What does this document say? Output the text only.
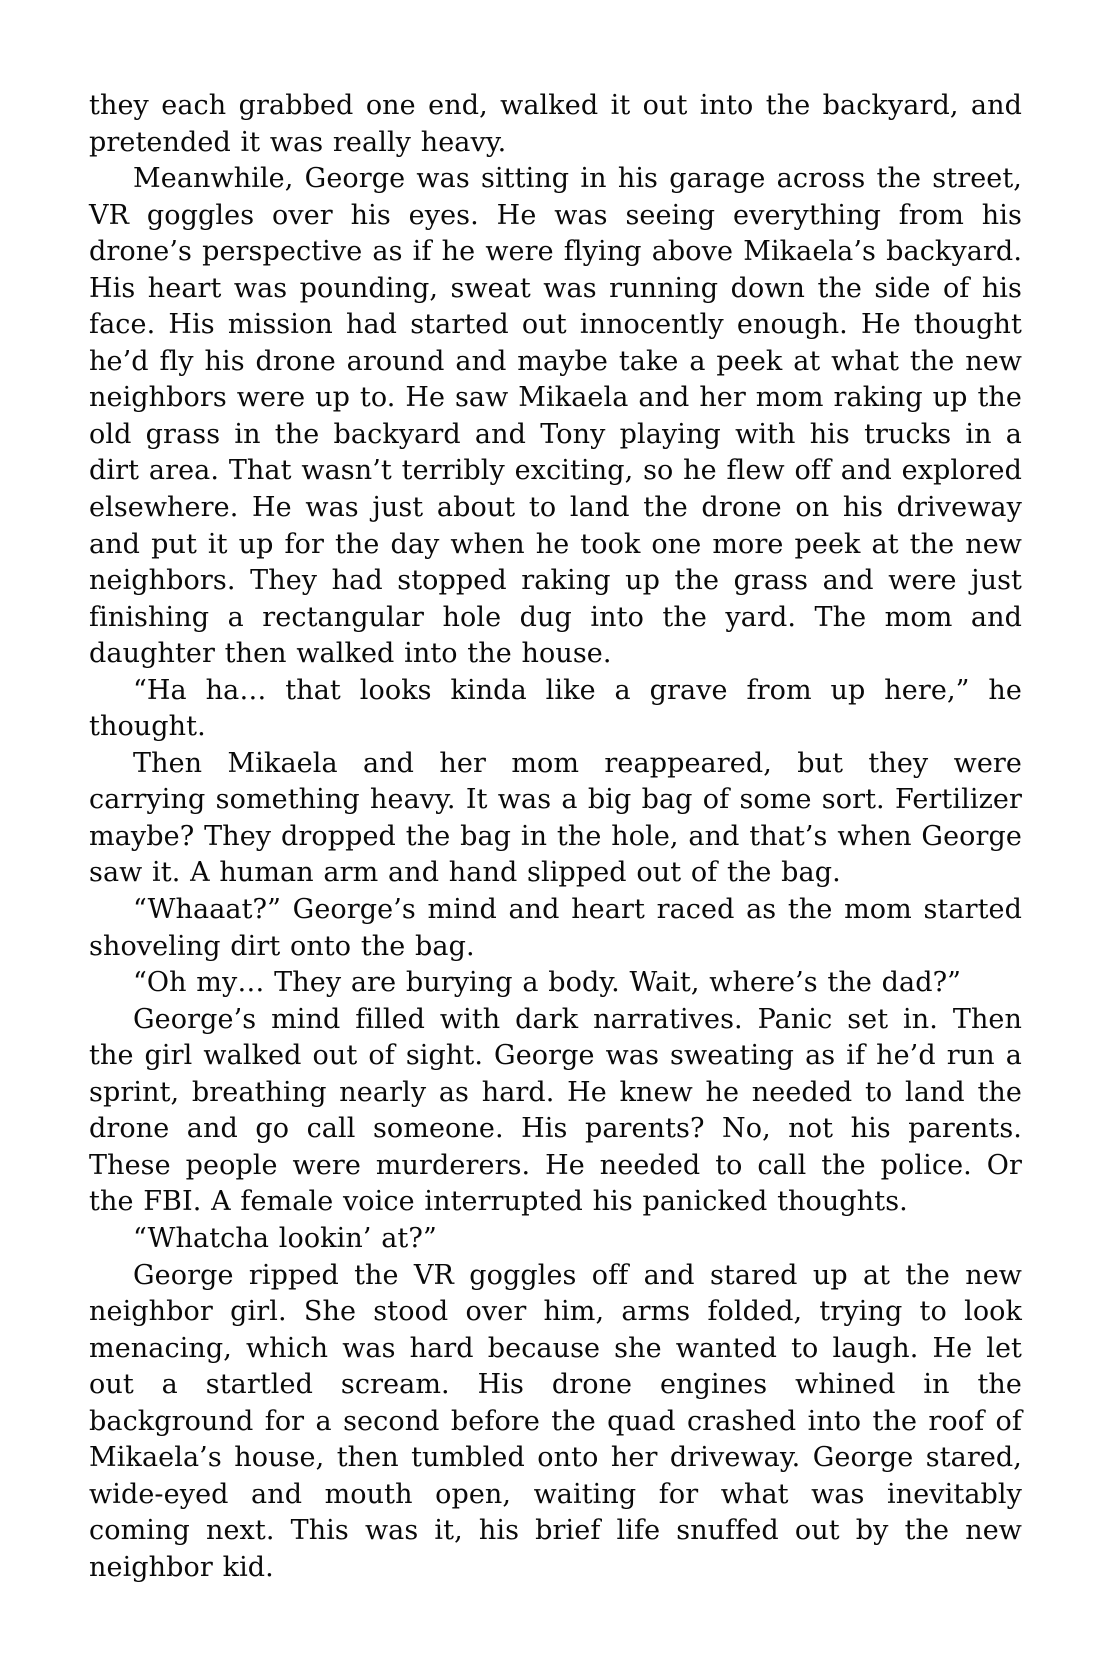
they each grabbed one end, walked it out into the backyard, and pretended it was really heavy.

Meanwhile, George was sitting in his garage across the street, VR goggles over his eyes. He was seeing everything from his drone’s perspective as if he were flying above Mikaela’s backyard. His heart was pounding, sweat was running down the side of his face. His mission had started out innocently enough. He thought he’d fly his drone around and maybe take a peek at what the new neighbors were up to. He saw Mikaela and her mom raking up the old grass in the backyard and Tony playing with his trucks in a dirt area. That wasn’t terribly exciting, so he flew off and explored elsewhere. He was just about to land the drone on his driveway and put it up for the day when he took one more peek at the new neighbors. They had stopped raking up the grass and were just finishing a rectangular hole dug into the yard. The mom and daughter then walked into the house.

“Ha ha… that looks kinda like a grave from up here,” he thought.

Then Mikaela and her mom reappeared, but they were carrying something heavy. It was a big bag of some sort. Fertilizer maybe? They dropped the bag in the hole, and that’s when George saw it. A human arm and hand slipped out of the bag.

“Whaaat?” George’s mind and heart raced as the mom started shoveling dirt onto the bag.

“Oh my… They are burying a body. Wait, where’s the dad?”

George’s mind filled with dark narratives. Panic set in. Then the girl walked out of sight. George was sweating as if he’d run a sprint, breathing nearly as hard. He knew he needed to land the drone and go call someone. His parents? No, not his parents. These people were murderers. He needed to call the police. Or the FBI. A female voice interrupted his panicked thoughts.

“Whatcha lookin’ at?”

George ripped the VR goggles off and stared up at the new neighbor girl. She stood over him, arms folded, trying to look menacing, which was hard because she wanted to laugh. He let out a startled scream. His drone engines whined in the background for a second before the quad crashed into the roof of Mikaela’s house, then tumbled onto her driveway. George stared, wide-eyed and mouth open, waiting for what was inevitably coming next. This was it, his brief life snuffed out by the new neighbor kid.
